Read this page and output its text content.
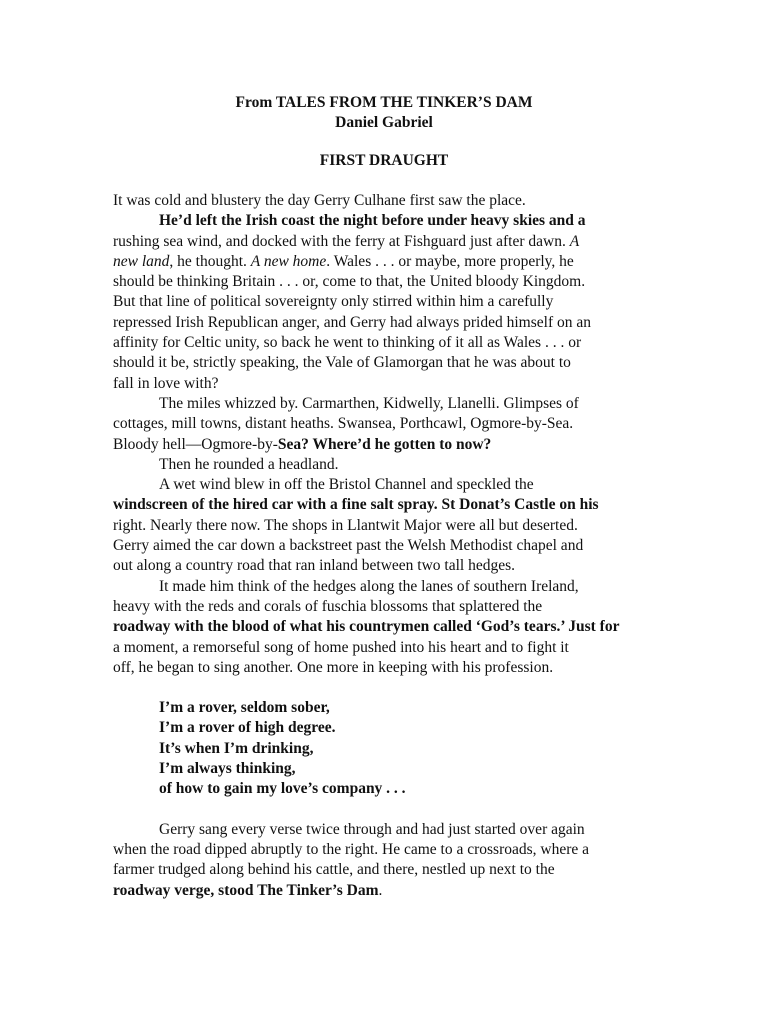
From TALES FROM THE TINKER’S DAM
Daniel Gabriel
FIRST DRAUGHT
It was cold and blustery the day Gerry Culhane first saw the place.
He’d left the Irish coast the night before under heavy skies and a
rushing sea wind, and docked with the ferry at Fishguard just after dawn. A
new land, he thought. A new home. Wales . . . or maybe, more properly, he
should be thinking Britain . . . or, come to that, the United bloody Kingdom.
But that line of political sovereignty only stirred within him a carefully
repressed Irish Republican anger, and Gerry had always prided himself on an
affinity for Celtic unity, so back he went to thinking of it all as Wales . . . or
should it be, strictly speaking, the Vale of Glamorgan that he was about to
fall in love with?
The miles whizzed by. Carmarthen, Kidwelly, Llanelli. Glimpses of
cottages, mill towns, distant heaths. Swansea, Porthcawl, Ogmore-by-Sea.
Bloody hell—Ogmore-by-Sea? Where’d he gotten to now?
Then he rounded a headland.
A wet wind blew in off the Bristol Channel and speckled the
windscreen of the hired car with a fine salt spray. St Donat’s Castle on his
right. Nearly there now. The shops in Llantwit Major were all but deserted.
Gerry aimed the car down a backstreet past the Welsh Methodist chapel and
out along a country road that ran inland between two tall hedges.
It made him think of the hedges along the lanes of southern Ireland,
heavy with the reds and corals of fuschia blossoms that splattered the
roadway with the blood of what his countrymen called ‘God’s tears.’ Just for
a moment, a remorseful song of home pushed into his heart and to fight it
off, he began to sing another. One more in keeping with his profession.
I’m a rover, seldom sober,
I’m a rover of high degree.
It’s when I’m drinking,
I’m always thinking,
of how to gain my love’s company . . .
Gerry sang every verse twice through and had just started over again
when the road dipped abruptly to the right. He came to a crossroads, where a
farmer trudged along behind his cattle, and there, nestled up next to the
roadway verge, stood The Tinker’s Dam.
